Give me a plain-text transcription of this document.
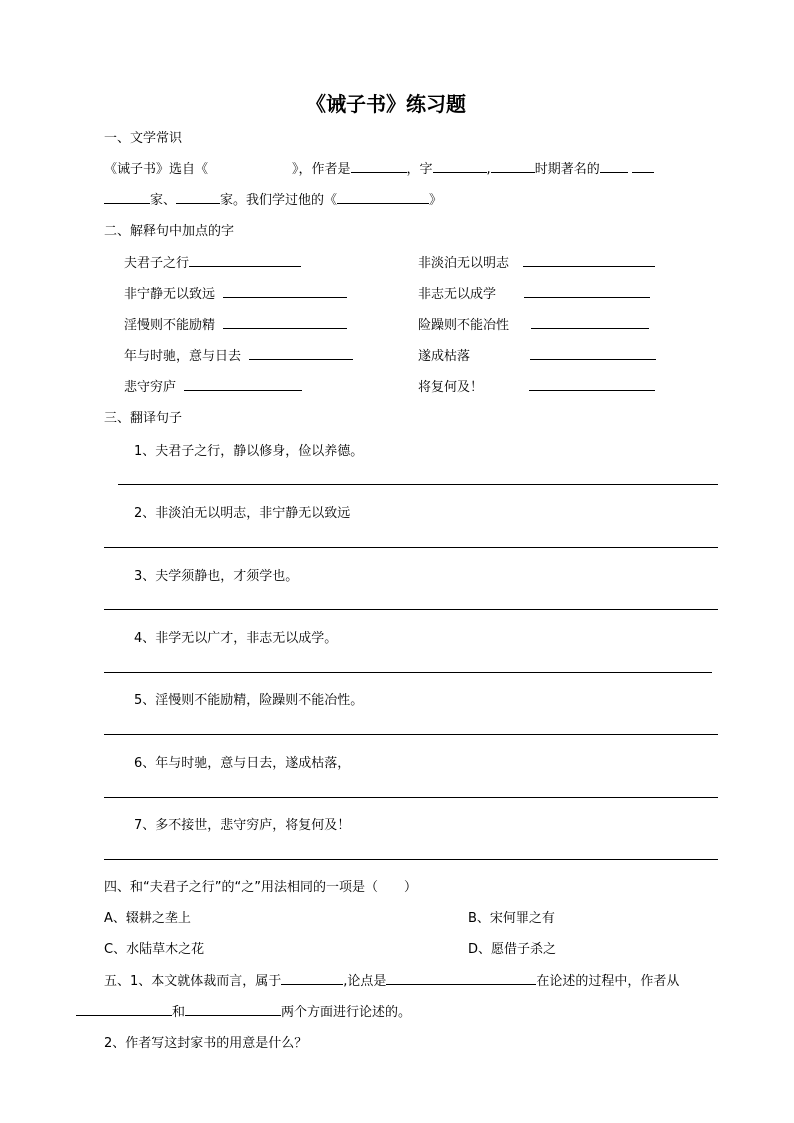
《诫子书》练习题
一、文学常识
《诫子书》选自《	》，作者是	，字	,	时期著名的
家、	家。我们学过他的《	》
二、解释句中加点的字
夫君子之行	非淡泊无以明志
非宁静无以致远	非志无以成学
淫慢则不能励精	险躁则不能冶性
年与时驰，意与日去	遂成枯落
悲守穷庐	将复何及！
三、翻译句子
1、夫君子之行，静以修身，俭以养德。
2、非淡泊无以明志，非宁静无以致远
3、夫学须静也，才须学也。
4、非学无以广才，非志无以成学。
5、淫慢则不能励精，险躁则不能冶性。
6、年与时驰，意与日去，遂成枯落，
7、多不接世，悲守穷庐，将复何及！
四、和“夫君子之行”的“之”用法相同的一项是（　　）
A、辍耕之垄上	B、宋何罪之有
C、水陆草木之花	D、愿借子杀之
五、1、本文就体裁而言，属于	,论点是	在论述的过程中，作者从
和	两个方面进行论述的。
2、作者写这封家书的用意是什么？
